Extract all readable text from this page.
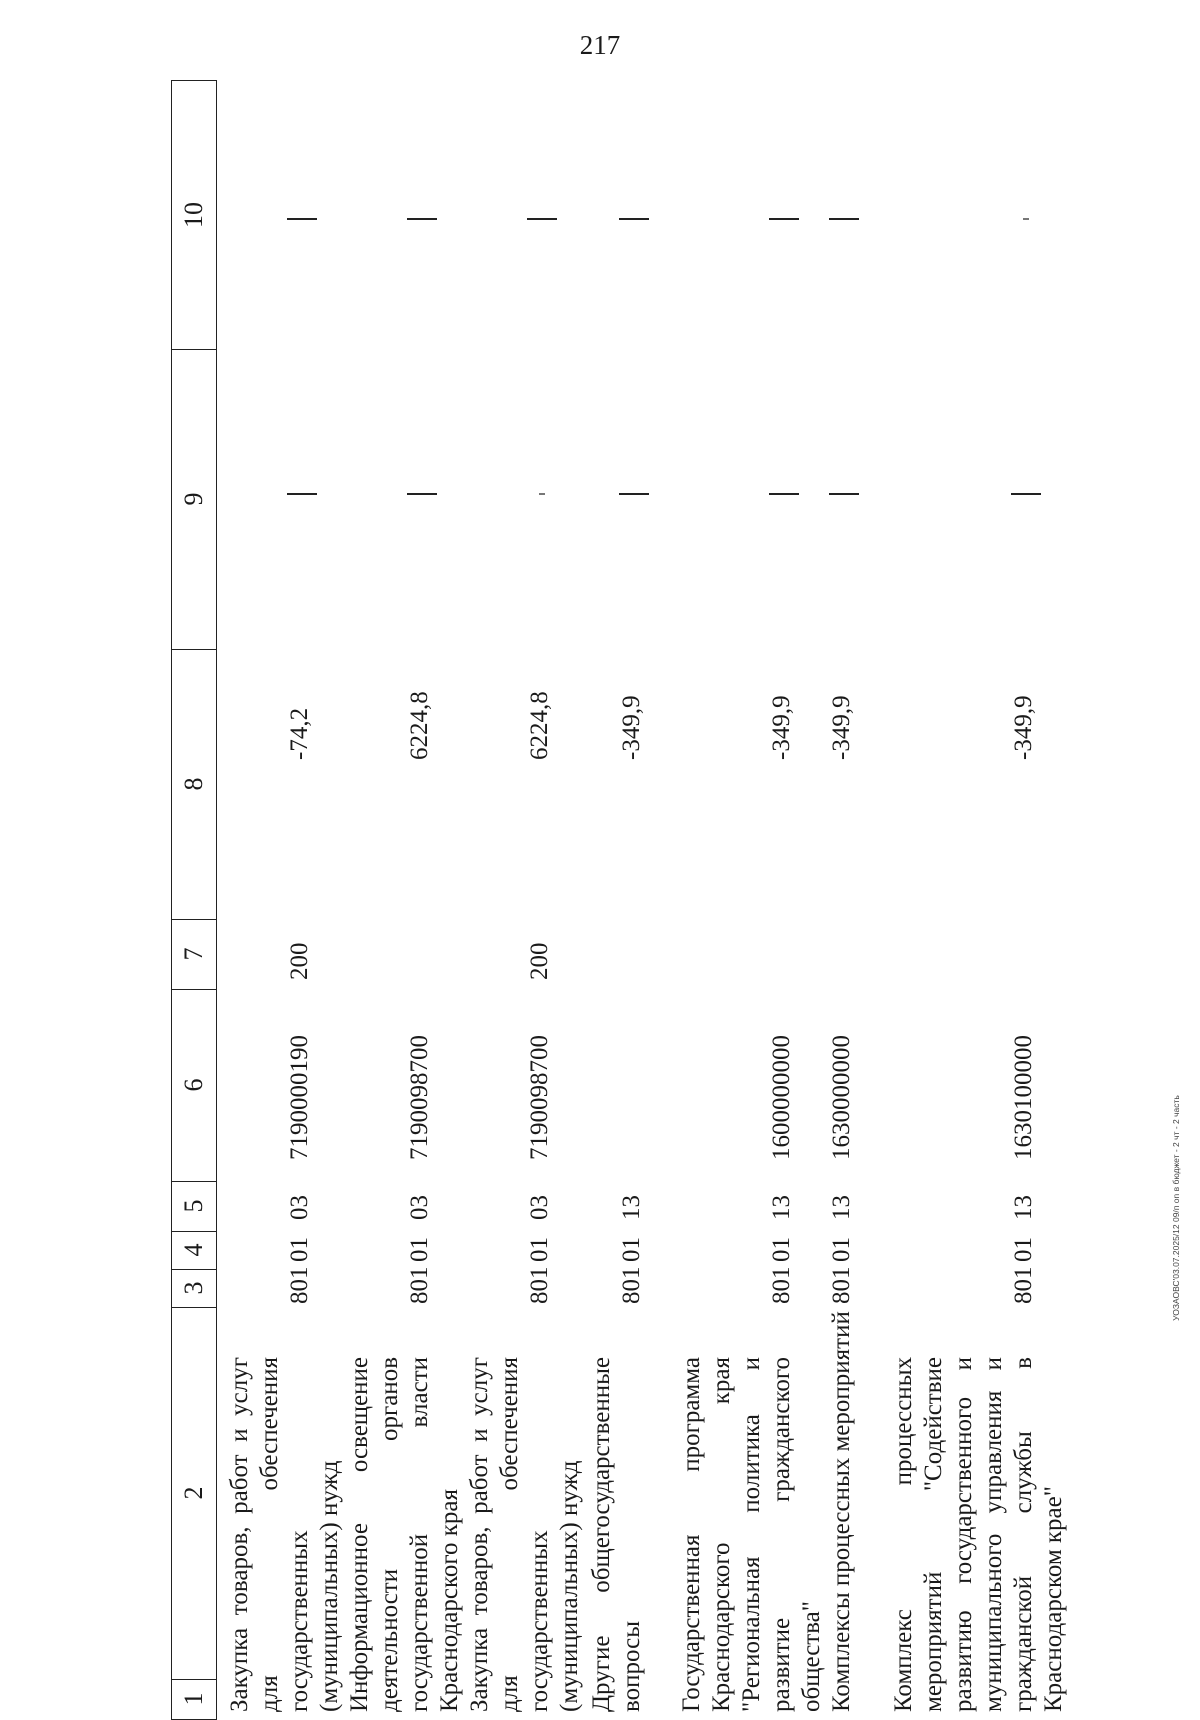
217
УОЗАОВС'03.07.2025/12 09/п on в бюджет - 2 чт - 2 часть
1
2
3
4
5
6
7
8
9
10
Закупка товаров, работ и услуг для обеспечения государственных (муниципальных) нужд
801
01
03
7190000190
200
-74,2
Информационное освещение деятельности органов государственной власти Краснодарского края
801
01
03
7190098700
6224,8
Закупка товаров, работ и услуг для обеспечения государственных (муниципальных) нужд
801
01
03
7190098700
200
6224,8
Другие общегосударственные вопросы
801
01
13
-349,9
Государственная программа Краснодарского края "Региональная политика и развитие гражданского общества"
801
01
13
1600000000
-349,9
Комплексы процессных мероприятий
801
01
13
1630000000
-349,9
Комплекс процессных мероприятий "Содействие развитию государственного и муниципального управления и гражданской службы в Краснодарском крае"
801
01
13
1630100000
-349,9
